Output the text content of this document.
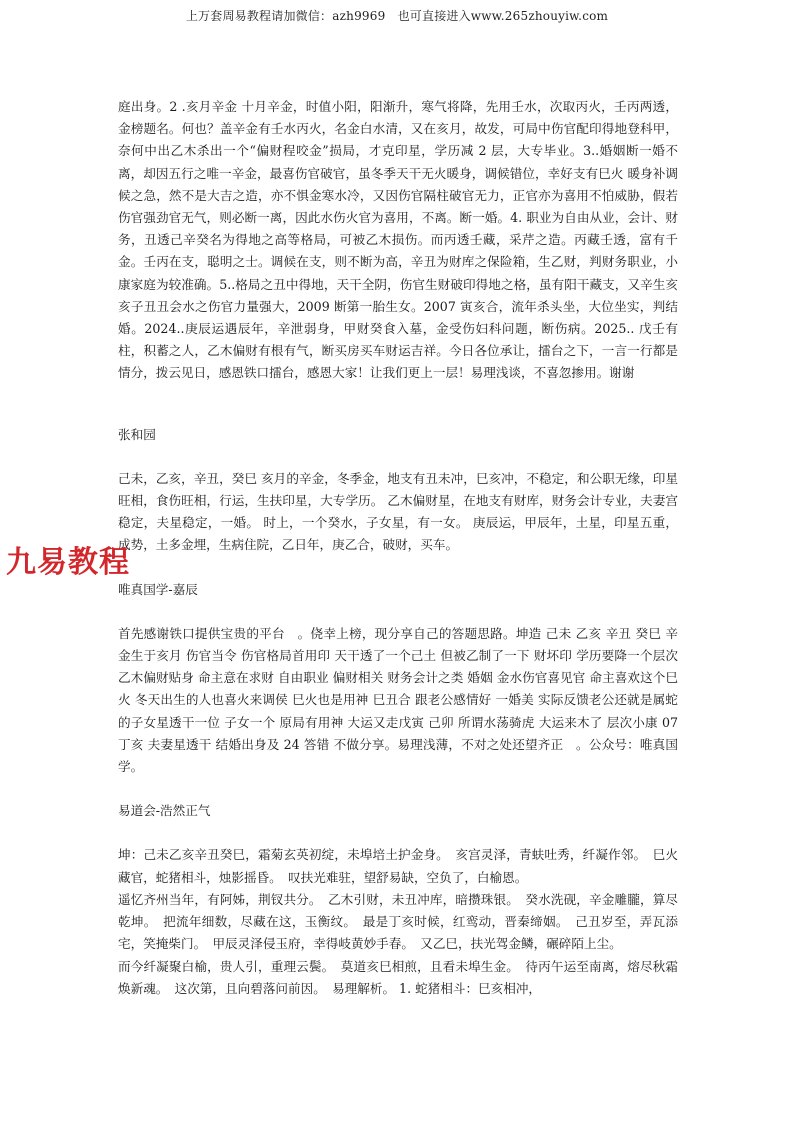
上万套周易教程请加微信：azh9969　也可直接进入www.265zhouyiw.com
九易教程

庭出身。2 .亥月辛金 十月辛金，时值小阳，阳渐升，寒气将降，先用壬水，次取丙火，壬丙两透，金榜题名。何也？盖辛金有壬水丙火，名金白水清，又在亥月，故发，可局中伤官配印得地登科甲，奈何中出乙木杀出一个“偏财程咬金”损局，才克印星，学历减 2 层，大专毕业。3..婚姻断一婚不离，却因五行之唯一辛金，最喜伤官破官，虽冬季天干无火暖身，调候错位，幸好支有巳火 暖身补调候之急，然不是大吉之造，亦不惧金寒水冷，又因伤官隔柱破官无力，正官亦为喜用不怕威胁，假若伤官强劲官无气，则必断一离，因此水伤火官为喜用，不离。断一婚。4. 职业为自由从业，会计、财务，丑透己辛癸名为得地之高等格局，可被乙木损伤。而丙透壬藏，采芹之造。丙藏壬透，富有千金。壬丙在支，聪明之士。调候在支，则不断为高，辛丑为财库之保险箱，生乙财，判财务职业，小康家庭为较准确。5..格局之丑中得地，天干全阴，伤官生财破印得地之格，虽有阳干藏支，又辛生亥亥子丑丑会水之伤官力量强大，2009 断第一胎生女。2007 寅亥合，流年杀头坐，大位坐实，判结婚。2024..庚辰运遇辰年，辛泄弱身，甲财癸食入墓，金受伤妇科问题，断伤病。2025.. 戊壬有柱，积蓄之人，乙木偏财有根有气，断买房买车财运吉祥。今日各位承让，擂台之下，一言一行都是情分，拨云见日，感恩铁口擂台，感恩大家！让我们更上一层！易理浅谈，不喜忽掺用。谢谢

张和园

己未，乙亥，辛丑，癸巳 亥月的辛金，冬季金，地支有丑未冲，巳亥冲，不稳定，和公职无缘，印星旺相，食伤旺相，行运，生扶印星，大专学历。 乙木偏财星，在地支有财库，财务会计专业，夫妻宫稳定，夫星稳定，一婚。 时上，一个癸水，子女星，有一女。 庚辰运，甲辰年，土星，印星五重，成势，土多金埋，生病住院，乙日年，庚乙合，破财，买车。

唯真国学-嘉辰

首先感谢铁口提供宝贵的平台　。侥幸上榜，现分享自己的答题思路。坤造 己未 乙亥 辛丑 癸巳 辛金生于亥月 伤官当令 伤官格局首用印 天干透了一个己土 但被乙制了一下 财坏印 学历要降一个层次乙木偏财贴身 命主意在求财 自由职业 偏财相关 财务会计之类 婚姻 金水伤官喜见官 命主喜欢这个巳火 冬天出生的人也喜火来调侯 巳火也是用神 巳丑合 跟老公感情好 一婚美 实际反馈老公还就是属蛇的子女星透干一位 子女一个 原局有用神 大运又走戊寅 己卯 所谓水荡骑虎 大运来木了 层次小康 07 丁亥 夫妻星透干 结婚出身及 24 答错 不做分享。易理浅薄，不对之处还望齐正　。公众号：唯真国学。

易道会-浩然正气

坤：己未乙亥辛丑癸巳，霜菊玄英初绽，未埠培土护金身。　亥宫灵泽，青蚨吐秀，纤凝作邻。　巳火藏官，蛇猪相斗，烛影摇昏。　叹扶光难驻，望舒易缺，空负了，白榆恩。

遥忆齐州当年，有阿姊，荆钗共分。　乙木引财，未丑冲库，暗攒珠银。　癸水洗砚，辛金雕朧，算尽乾坤。　把流年细数，尽藏在这，玉衡纹。　最是丁亥时候，红鸾动，晋秦缔姻。　己丑岁至，弄瓦添宅，笑掩柴门。　甲辰灵泽侵玉府，幸得岐黄妙手春。　又乙巳，扶光驾金鳞，碾碎陌上尘。

而今纤凝聚白榆，贵人引，重理云鬓。　莫道亥巳相煎，且看未埠生金。　待丙午运至南离，熔尽秋霜焕新魂。　这次第，且向碧落问前因。　易理解析。 1. 蛇猪相斗：巳亥相冲，
